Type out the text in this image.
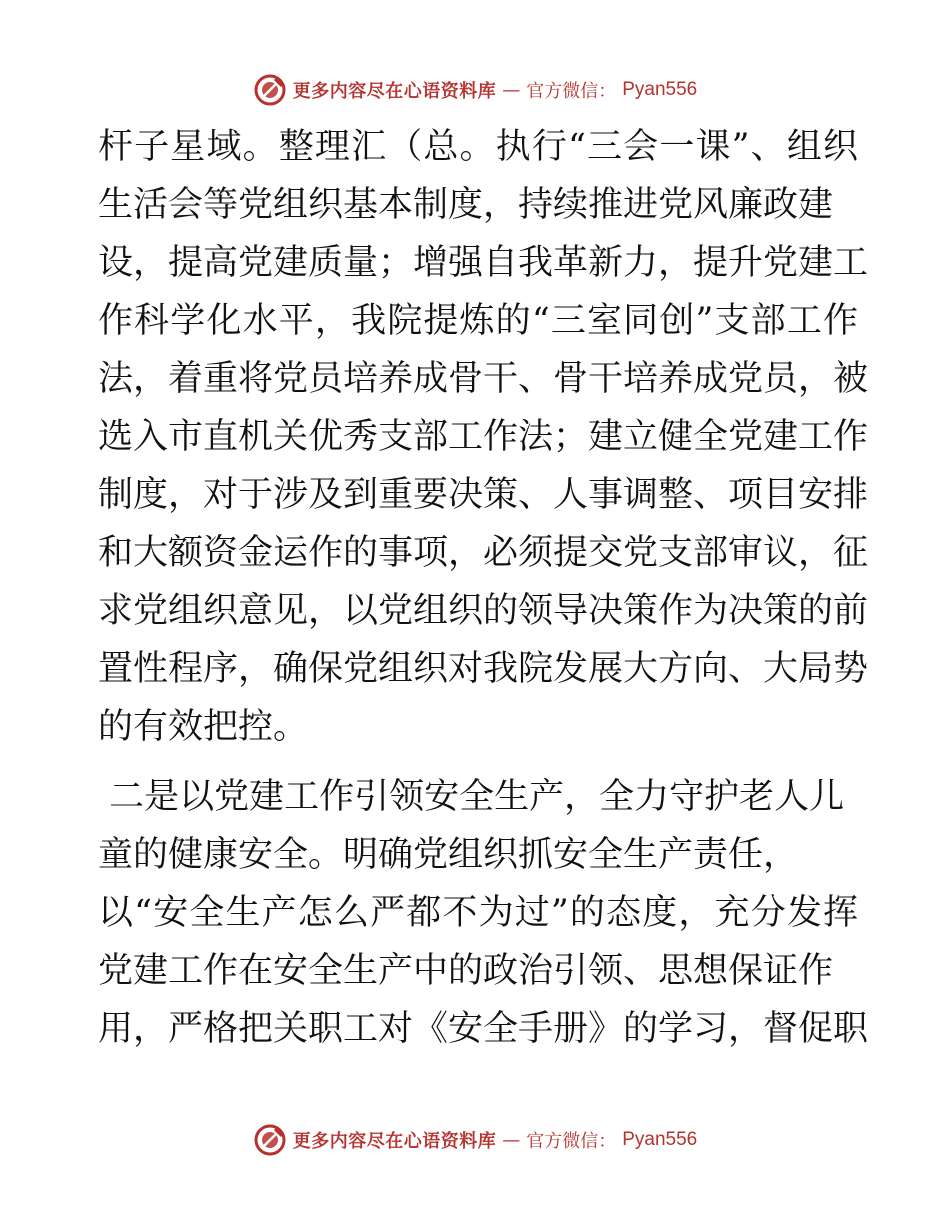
更多内容尽在心语资料库 — 官方微信： Pyan556
杆子星域。整理汇（总。执行“三会一课”、组织
生活会等党组织基本制度，持续推进党风廉政建
设，提高党建质量；增强自我革新力，提升党建工
作科学化水平，我院提炼的“三室同创”支部工作
法，着重将党员培养成骨干、骨干培养成党员，被
选入市直机关优秀支部工作法；建立健全党建工作
制度，对于涉及到重要决策、人事调整、项目安排
和大额资金运作的事项，必须提交党支部审议，征
求党组织意见，以党组织的领导决策作为决策的前
置性程序，确保党组织对我院发展大方向、大局势
的有效把控。
二是以党建工作引领安全生产，全力守护老人儿
童的健康安全。明确党组织抓安全生产责任，
以“安全生产怎么严都不为过”的态度，充分发挥
党建工作在安全生产中的政治引领、思想保证作
用，严格把关职工对《安全手册》的学习，督促职
更多内容尽在心语资料库 — 官方微信： Pyan556
